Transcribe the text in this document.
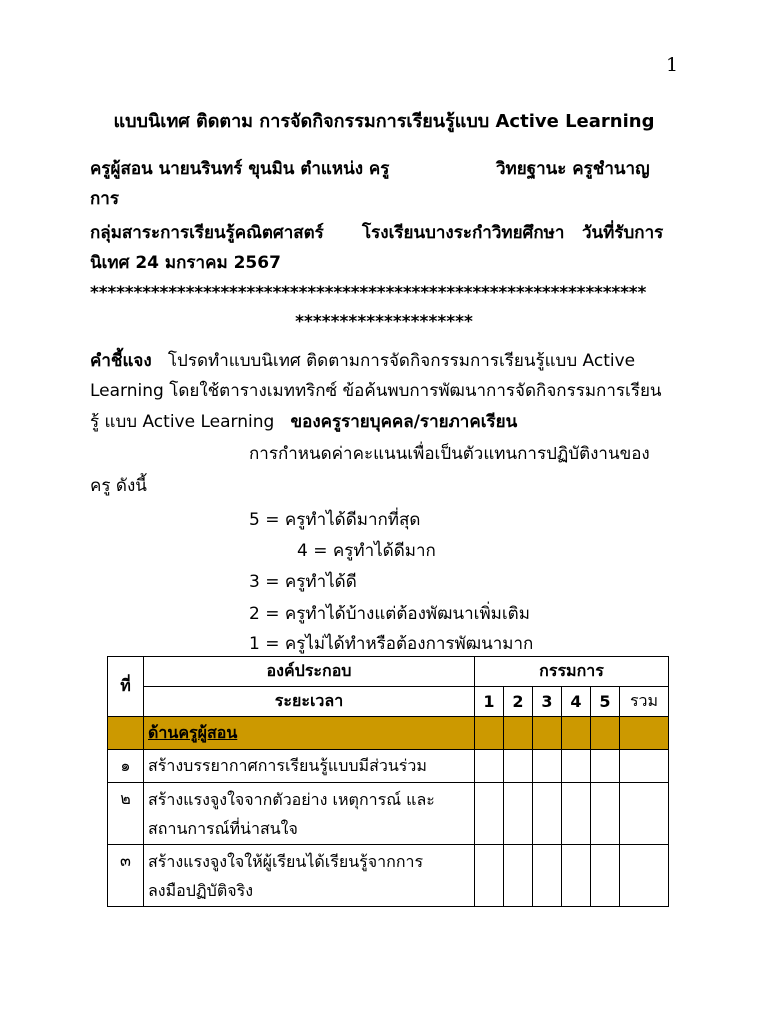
1
แบบนิเทศ ติดตาม การจัดกิจกรรมการเรียนรู้แบบ Active Learning
ครูผู้สอน นายนรินทร์ ขุนมิน ตำแหน่ง ครู	วิทยฐานะ ครูชำนาญ
การ
กลุ่มสาระการเรียนรู้คณิตศาสตร์ โรงเรียนบางระกำวิทยศึกษา วันที่รับการ
นิเทศ 24 มกราคม 2567
****************************************************************
********************
คำชี้แจง โปรดทำแบบนิเทศ ติดตามการจัดกิจกรรมการเรียนรู้แบบ Active
Learning โดยใช้ตารางเมททริกซ์ ข้อค้นพบการพัฒนาการจัดกิจกรรมการเรียน
รู้ แบบ Active Learning ของครูรายบุคคล/รายภาคเรียน
การกำหนดค่าคะแนนเพื่อเป็นตัวแทนการปฏิบัติงานของ
ครู ดังนี้
5 = ครูทำได้ดีมากที่สุด
4 = ครูทำได้ดีมาก
3 = ครูทำได้ดี
2 = ครูทำได้บ้างแต่ต้องพัฒนาเพิ่มเติม
1 = ครูไม่ได้ทำหรือต้องการพัฒนามาก
ที่	องค์ประกอบ	กรรมการ					
	ระยะเวลา	1	2	3	4	5	รวม
	ด้านครูผู้สอน						
๑	สร้างบรรยากาศการเรียนรู้แบบมีส่วนร่วม						
๒	สร้างแรงจูงใจจากตัวอย่าง เหตุการณ์ และ
สถานการณ์ที่น่าสนใจ						

๓	สร้างแรงจูงใจให้ผู้เรียนได้เรียนรู้จากการ
ลงมือปฏิบัติจริง						
